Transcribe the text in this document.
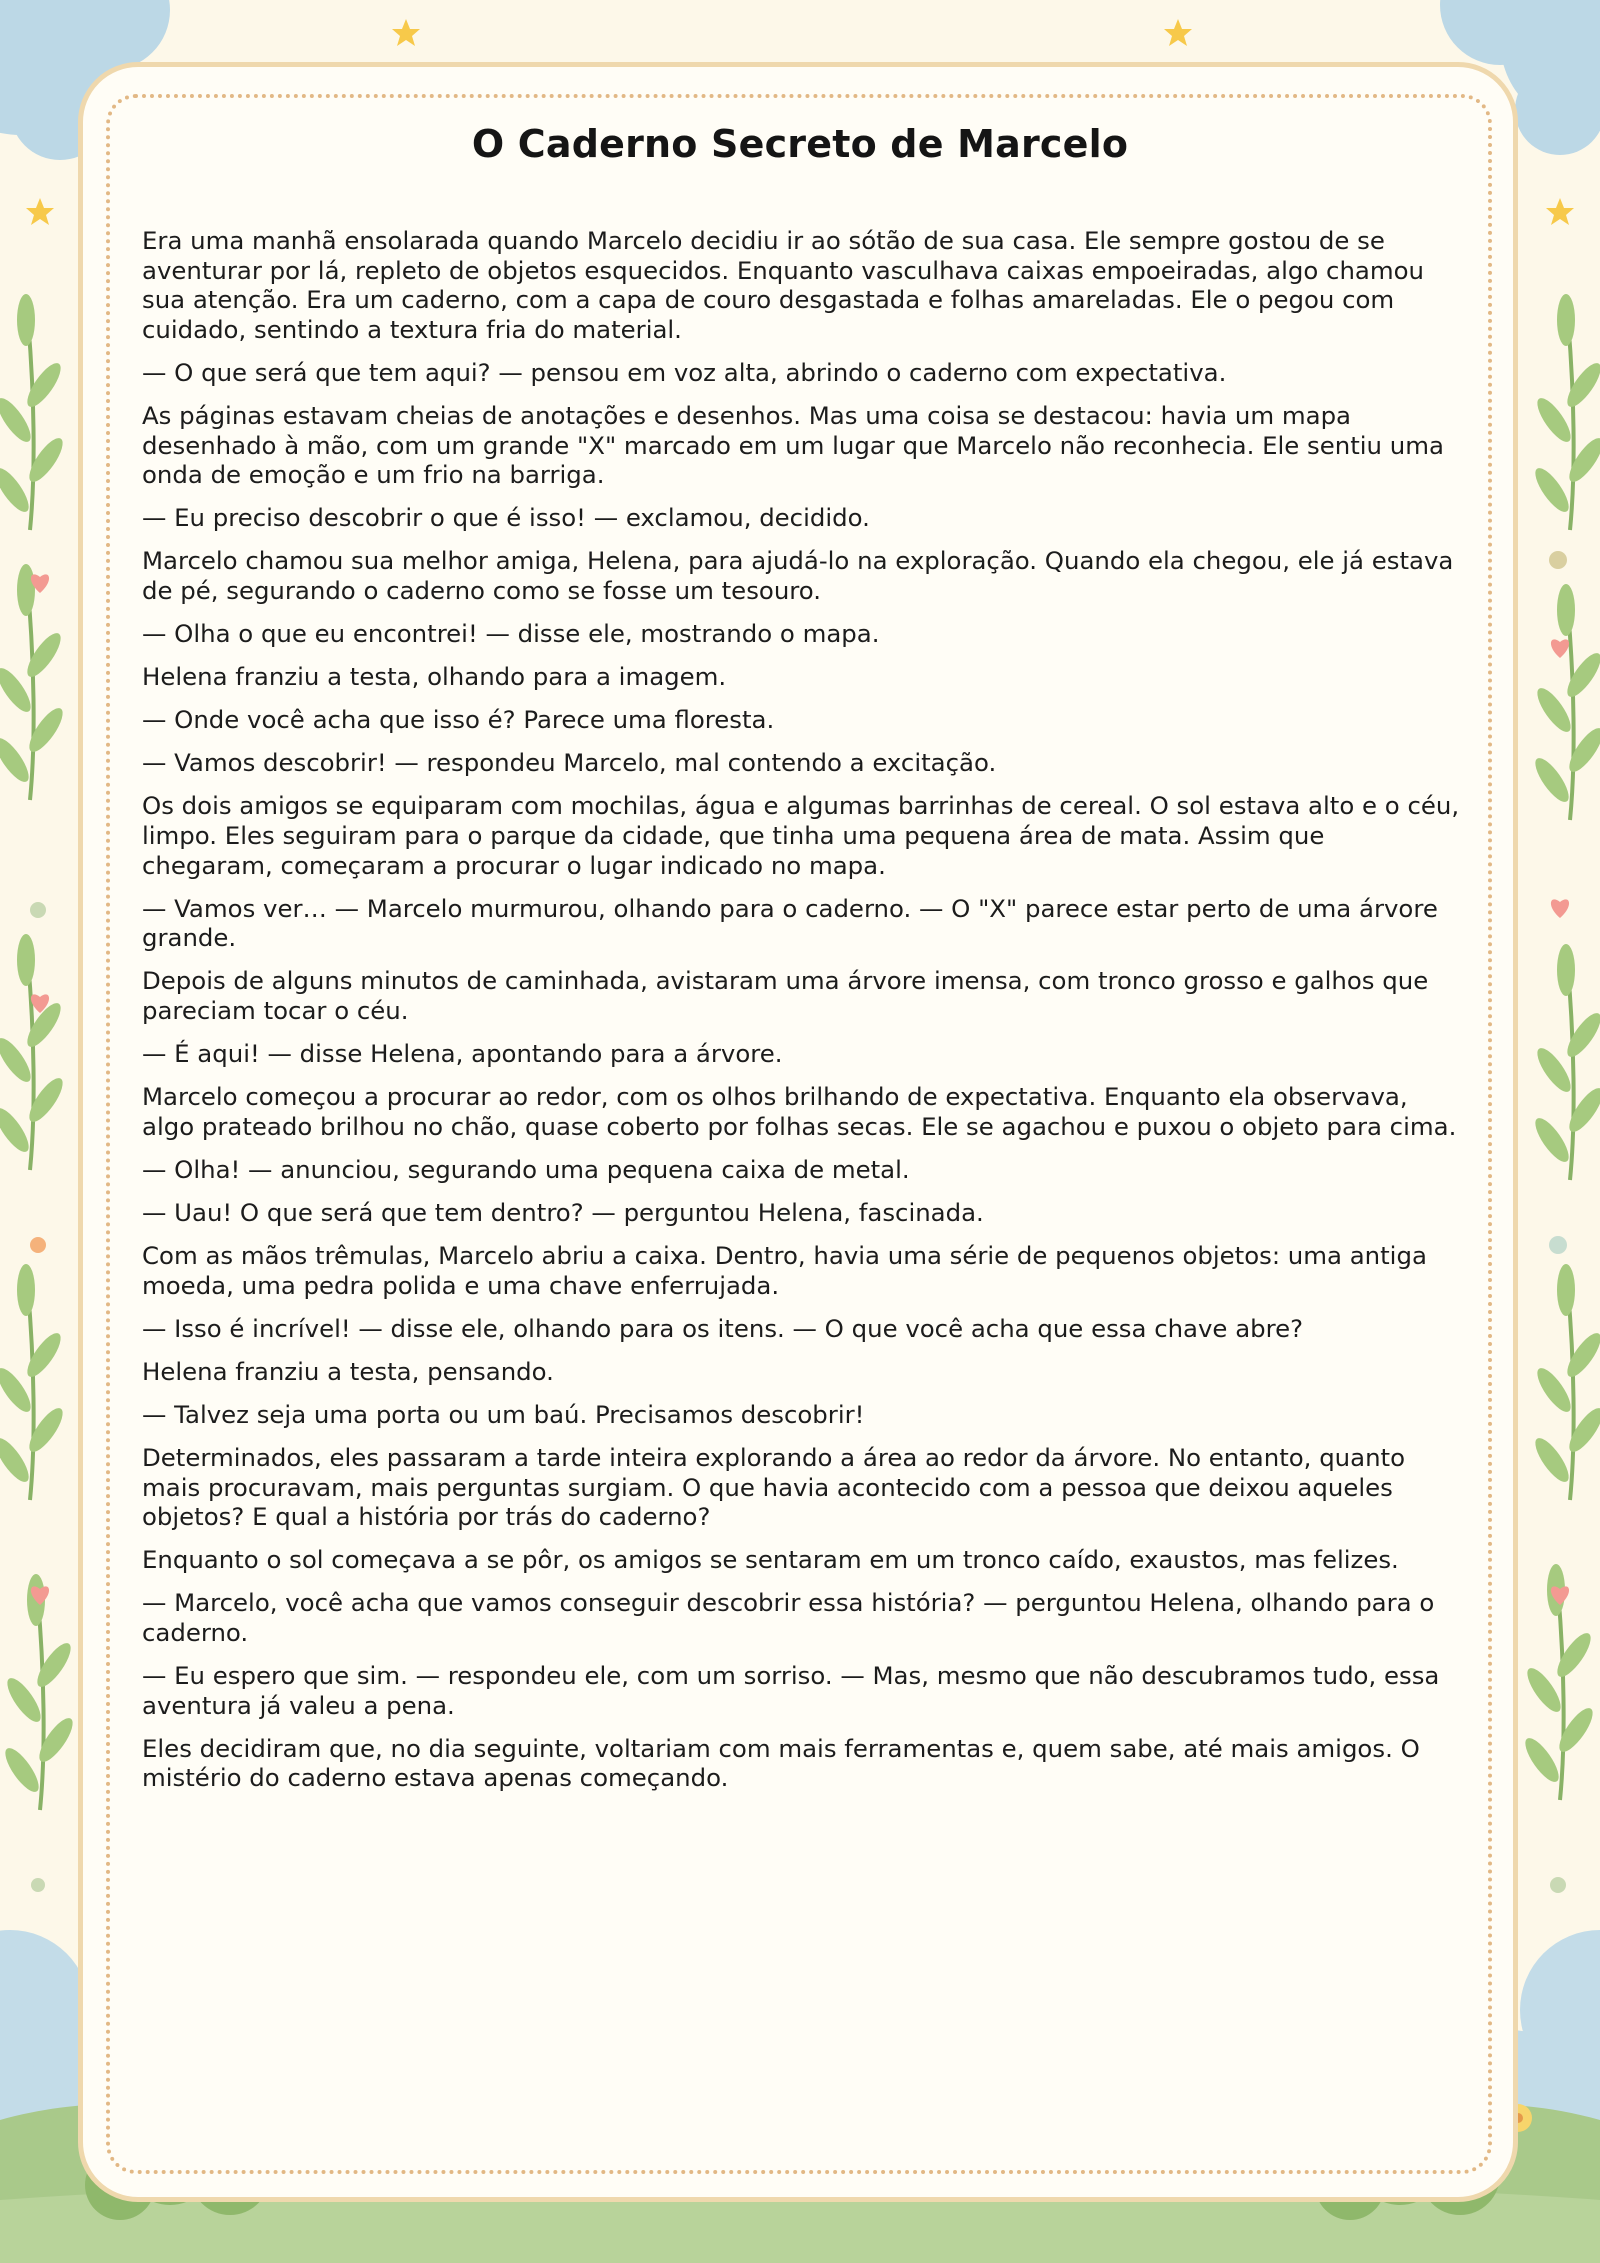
O Caderno Secreto de Marcelo

Era uma manhã ensolarada quando Marcelo decidiu ir ao sótão de sua casa. Ele sempre gostou de se aventurar por lá, repleto de objetos esquecidos. Enquanto vasculhava caixas empoeiradas, algo chamou sua atenção. Era um caderno, com a capa de couro desgastada e folhas amareladas. Ele o pegou com cuidado, sentindo a textura fria do material.

— O que será que tem aqui? — pensou em voz alta, abrindo o caderno com expectativa.

As páginas estavam cheias de anotações e desenhos. Mas uma coisa se destacou: havia um mapa desenhado à mão, com um grande "X" marcado em um lugar que Marcelo não reconhecia. Ele sentiu uma onda de emoção e um frio na barriga.

— Eu preciso descobrir o que é isso! — exclamou, decidido.

Marcelo chamou sua melhor amiga, Helena, para ajudá-lo na exploração. Quando ela chegou, ele já estava de pé, segurando o caderno como se fosse um tesouro.

— Olha o que eu encontrei! — disse ele, mostrando o mapa.

Helena franziu a testa, olhando para a imagem.

— Onde você acha que isso é? Parece uma floresta.

— Vamos descobrir! — respondeu Marcelo, mal contendo a excitação.

Os dois amigos se equiparam com mochilas, água e algumas barrinhas de cereal. O sol estava alto e o céu, limpo. Eles seguiram para o parque da cidade, que tinha uma pequena área de mata. Assim que chegaram, começaram a procurar o lugar indicado no mapa.

— Vamos ver… — Marcelo murmurou, olhando para o caderno. — O "X" parece estar perto de uma árvore grande.

Depois de alguns minutos de caminhada, avistaram uma árvore imensa, com tronco grosso e galhos que pareciam tocar o céu.

— É aqui! — disse Helena, apontando para a árvore.

Marcelo começou a procurar ao redor, com os olhos brilhando de expectativa. Enquanto ela observava, algo prateado brilhou no chão, quase coberto por folhas secas. Ele se agachou e puxou o objeto para cima.

— Olha! — anunciou, segurando uma pequena caixa de metal.

— Uau! O que será que tem dentro? — perguntou Helena, fascinada.

Com as mãos trêmulas, Marcelo abriu a caixa. Dentro, havia uma série de pequenos objetos: uma antiga moeda, uma pedra polida e uma chave enferrujada.

— Isso é incrível! — disse ele, olhando para os itens. — O que você acha que essa chave abre?

Helena franziu a testa, pensando.

— Talvez seja uma porta ou um baú. Precisamos descobrir!

Determinados, eles passaram a tarde inteira explorando a área ao redor da árvore. No entanto, quanto mais procuravam, mais perguntas surgiam. O que havia acontecido com a pessoa que deixou aqueles objetos? E qual a história por trás do caderno?

Enquanto o sol começava a se pôr, os amigos se sentaram em um tronco caído, exaustos, mas felizes.

— Marcelo, você acha que vamos conseguir descobrir essa história? — perguntou Helena, olhando para o caderno.

— Eu espero que sim. — respondeu ele, com um sorriso. — Mas, mesmo que não descubramos tudo, essa aventura já valeu a pena.

Eles decidiram que, no dia seguinte, voltariam com mais ferramentas e, quem sabe, até mais amigos. O mistério do caderno estava apenas começando.
